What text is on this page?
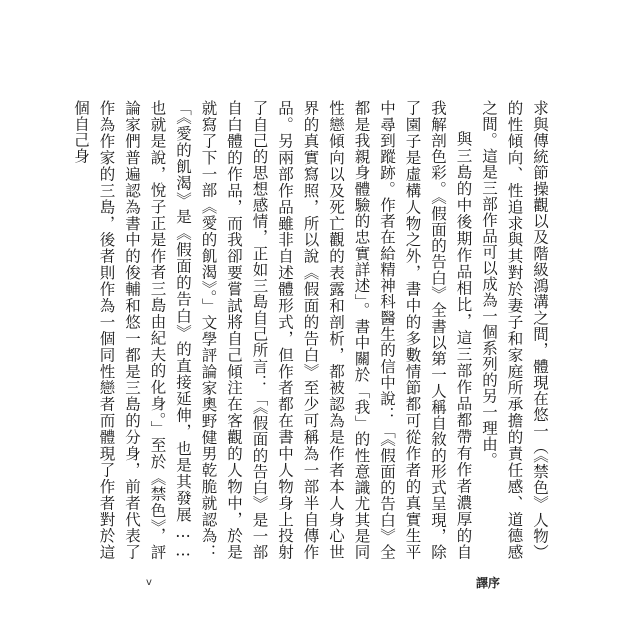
求與傳統節操觀以及階級鴻溝之間，體現在悠一（《禁色》人物）的性傾向、性追求與其對於妻子和家庭所承擔的責任感、道德感之間。這是三部作品可以成為一個系列的另一理由。

與三島的中後期作品相比，這三部作品都帶有作者濃厚的自我解剖色彩。《假面的告白》全書以第一人稱自敘的形式呈現，除了園子是虛構人物之外，書中的多數情節都可從作者的真實生平中尋到蹤跡。作者在給精神科醫生的信中說：「《假面的告白》全都是我親身體驗的忠實詳述」。書中關於「我」的性意識尤其是同性戀傾向以及死亡觀的表露和剖析，都被認為是作者本人身心世界的真實寫照，所以說《假面的告白》至少可稱為一部半自傳作品。另兩部作品雖非自述體形式，但作者都在書中人物身上投射了自己的思想感情，正如三島自己所言：「《假面的告白》是一部自白體的作品，而我卻要嘗試將自己傾注在客觀的人物中，於是就寫了下一部《愛的飢渴》。」文學評論家奧野健男乾脆就認為：「《愛的飢渴》是《假面的告白》的直接延伸，也是其發展……也就是說，悅子正是作者三島由紀夫的化身。」至於《禁色》，評論家們普遍認為書中的俊輔和悠一都是三島的分身，前者代表了作為作家的三島，後者則作為一個同性戀者而體現了作者對於這個自己身

v	譯序
